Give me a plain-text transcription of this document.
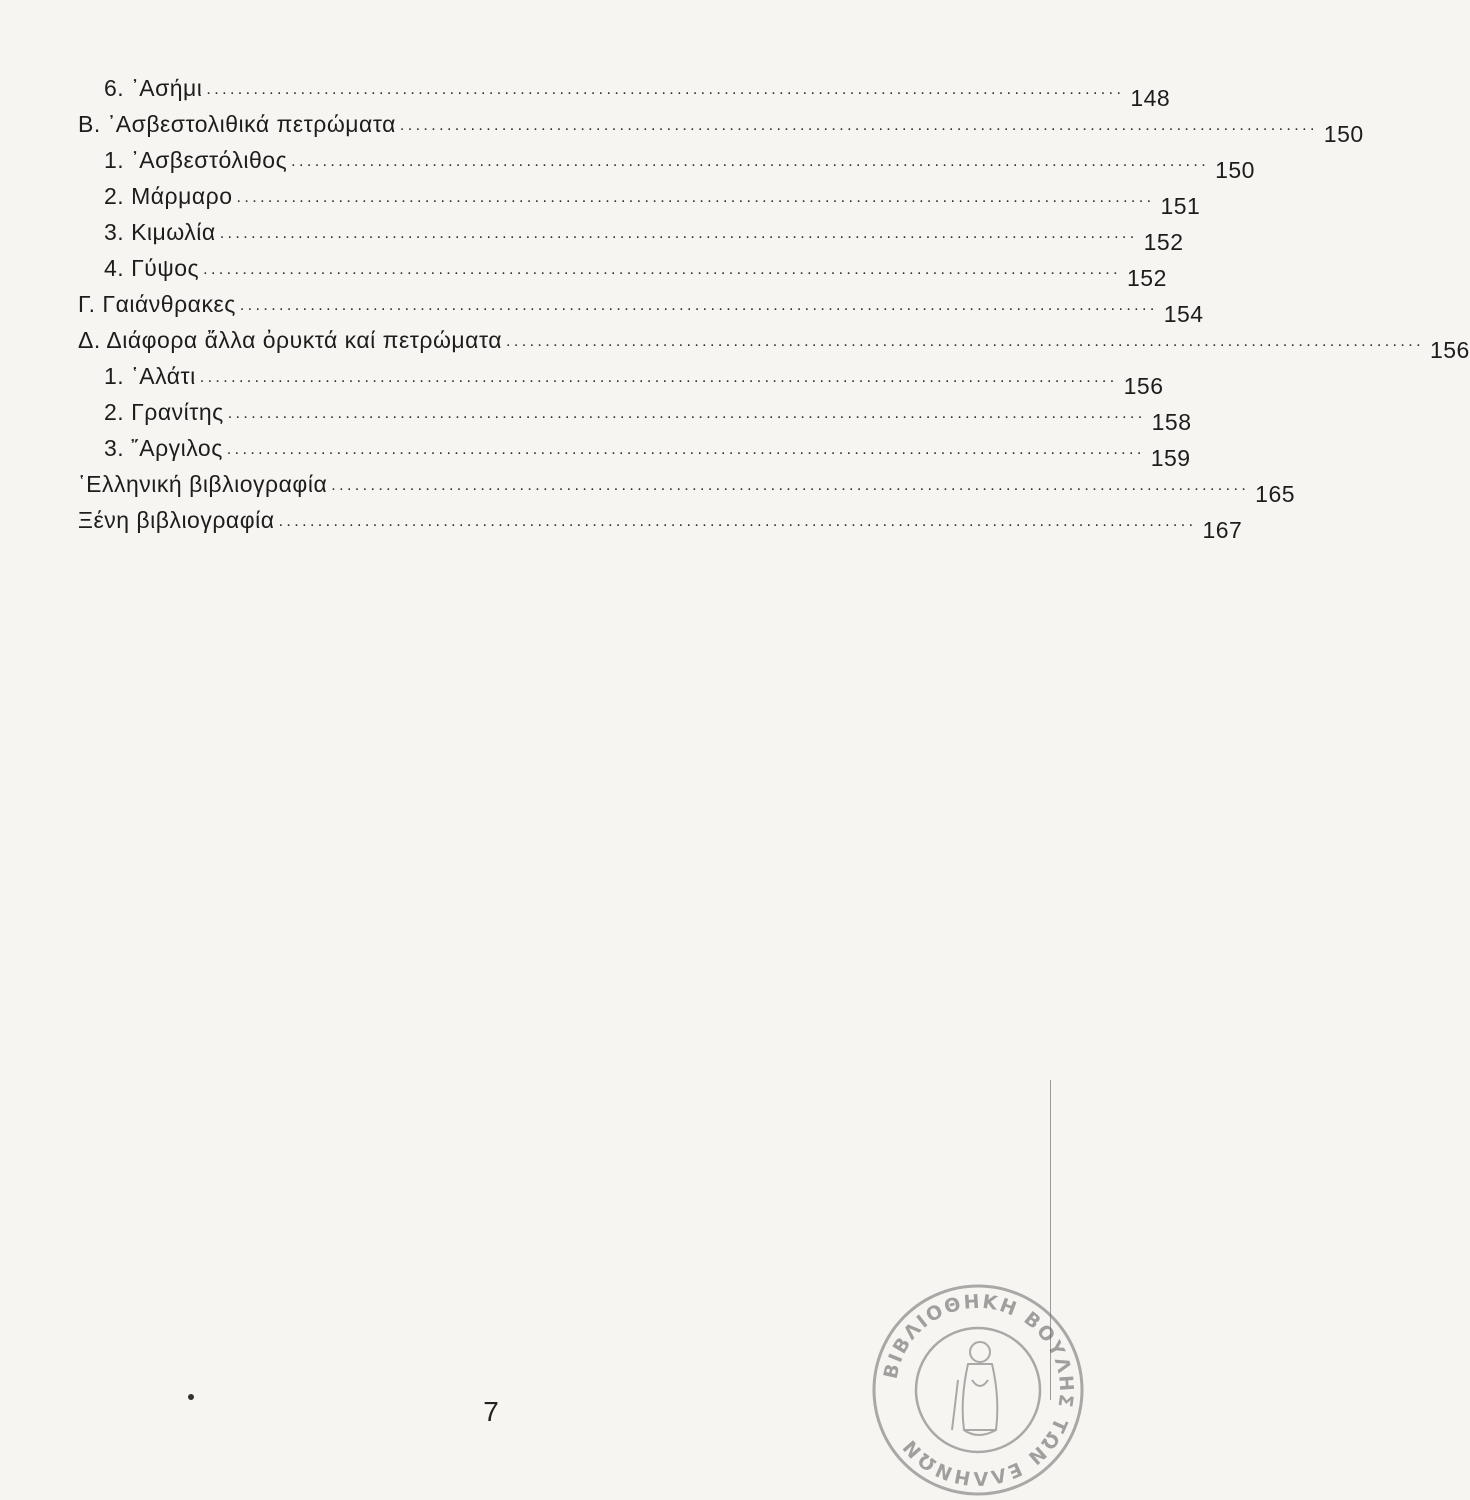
6. ᾽Ασήμι ..................................................................................................................... 148
Β. ᾽Ασβεστολιθικά πετρώματα ..................................................................................................................... 150
1. ᾽Ασβεστόλιθος ..................................................................................................................... 150
2. Μάρμαρο ..................................................................................................................... 151
3. Κιμωλία ..................................................................................................................... 152
4. Γύψος ..................................................................................................................... 152
Γ. Γαιάνθρακες ..................................................................................................................... 154
Δ. Διάφορα ἄλλα ὀρυκτά καί πετρώματα ..................................................................................................................... 156
1. ῾Αλάτι ..................................................................................................................... 156
2. Γρανίτης ..................................................................................................................... 158
3. ῎Αργιλος ..................................................................................................................... 159
῾Ελληνική βιβλιογραφία ..................................................................................................................... 165
Ξένη βιβλιογραφία ..................................................................................................................... 167
7
ΒΙΒΛΙΟΘΗΚΗ ΒΟΥΛΗΣ ΤΩΝ ΕΛΛΗΝΩΝ
